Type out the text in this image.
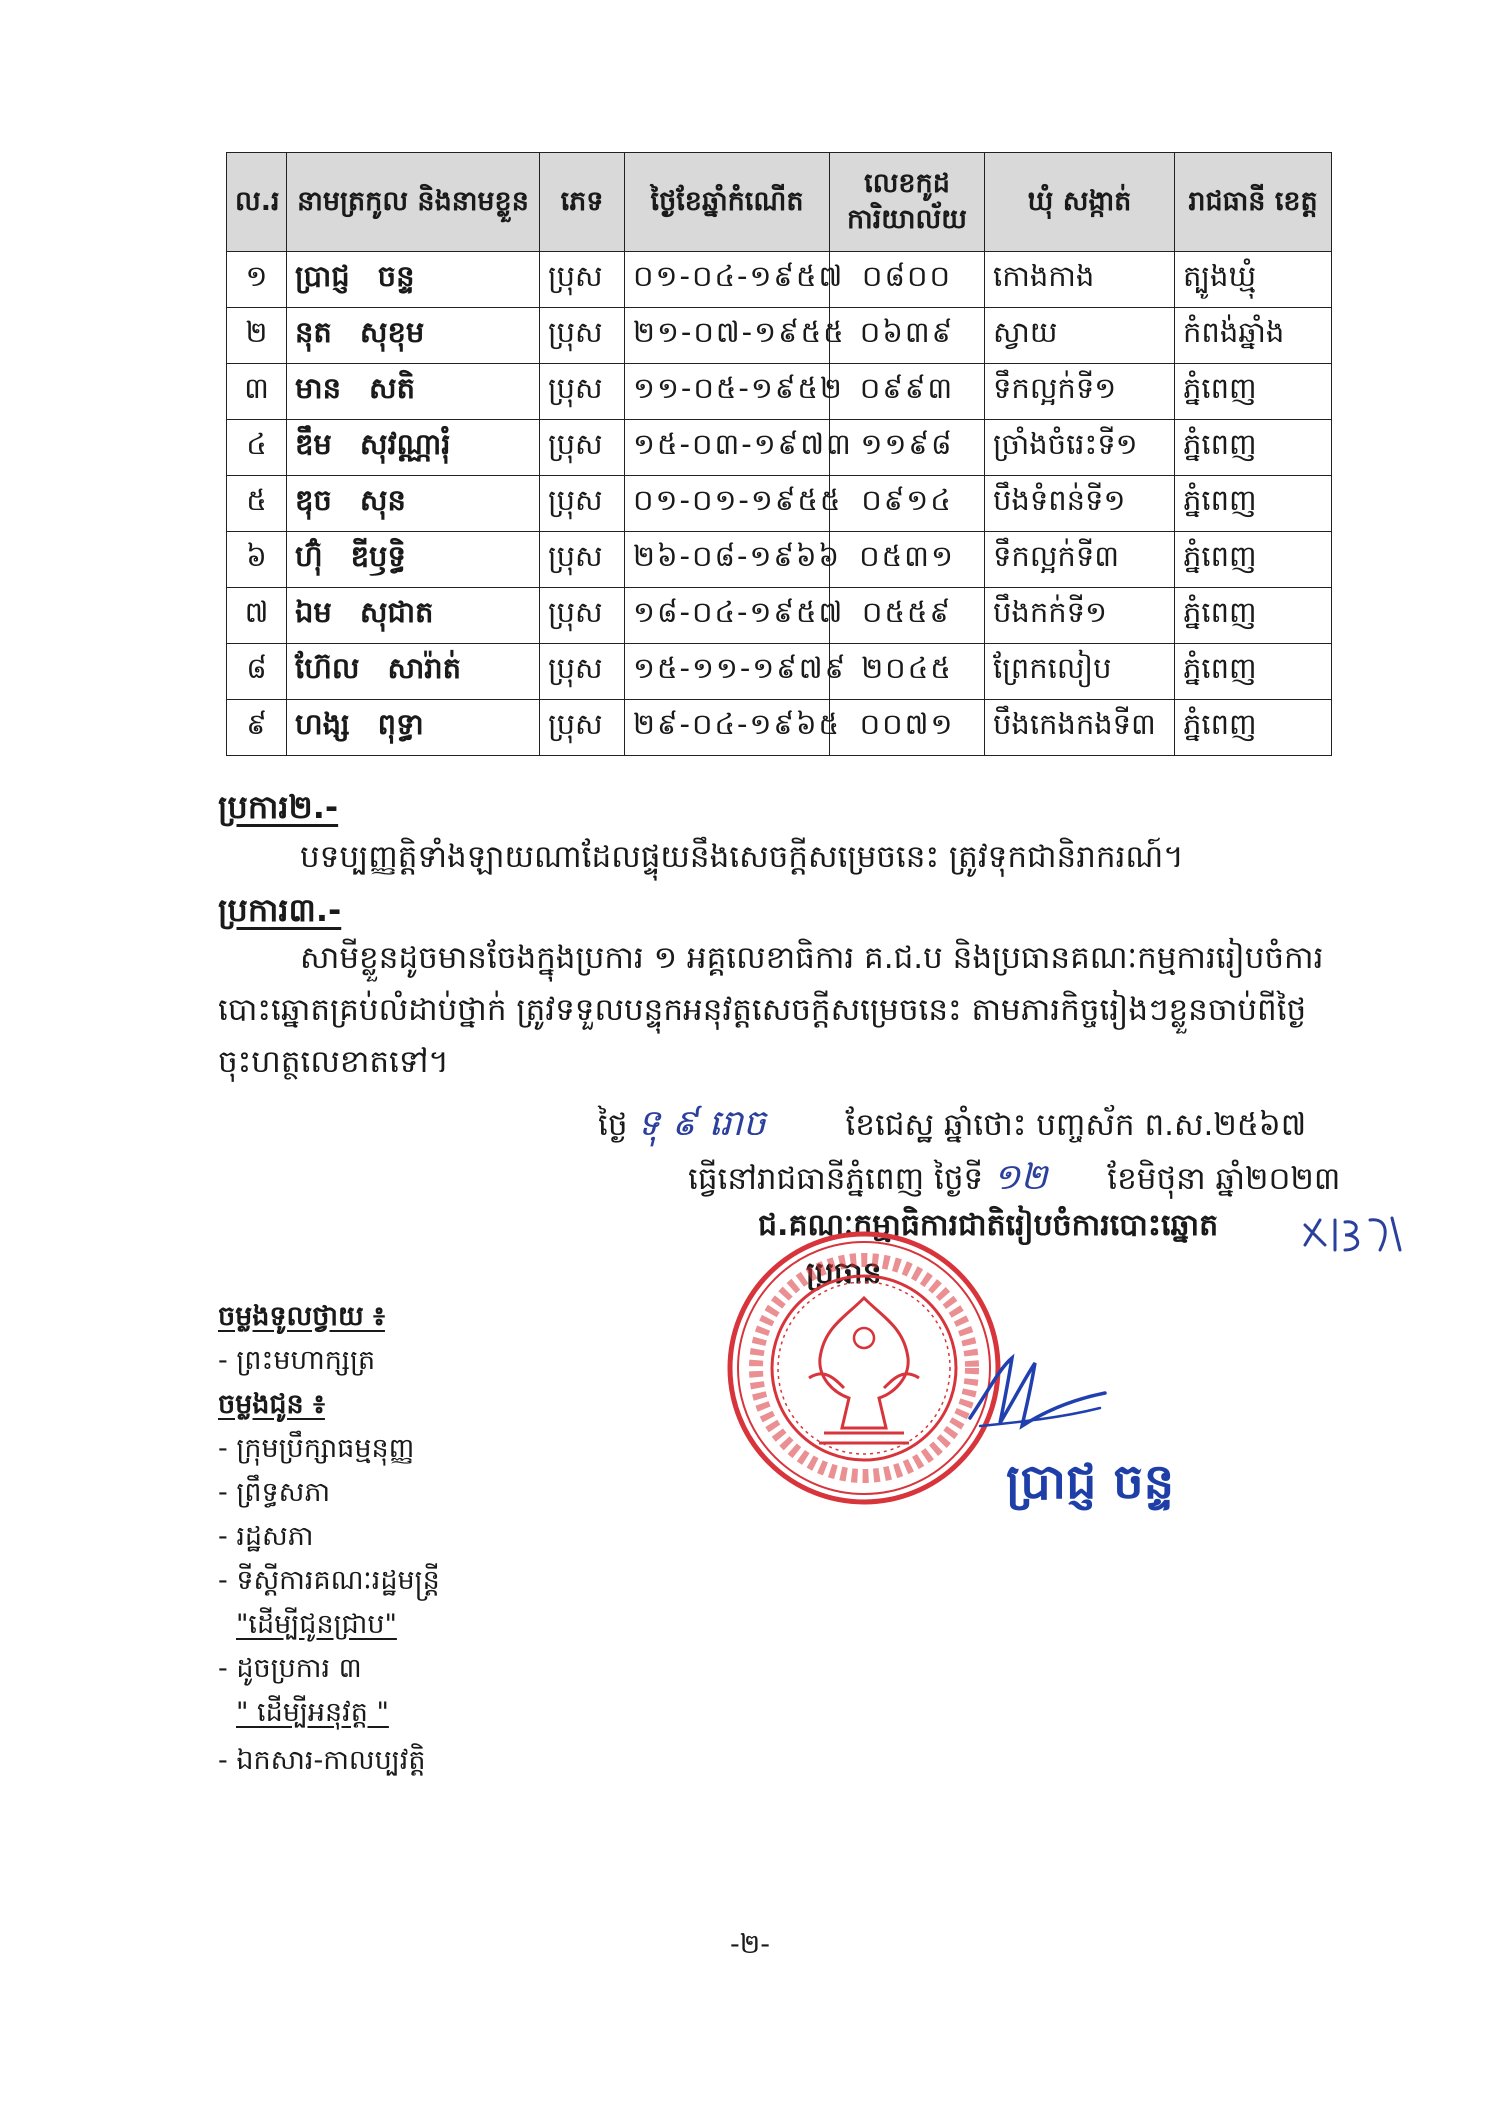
ល.រ	នាមត្រកូល និងនាមខ្លួន	ភេទ	ថ្ងៃខែឆ្នាំកំណើត	លេខកូដ ការិយាល័យ	ឃុំ សង្កាត់	រាជធានី ខេត្ត
១	ប្រាជ្ញ ចន្ទ	ប្រុស	០១-០៤-១៩៥៧	០៨០០	កោងកាង	ត្បូងឃ្មុំ
២	នុត សុខុម	ប្រុស	២១-០៧-១៩៥៥	០៦៣៩	ស្វាយ	កំពង់ឆ្នាំង
៣	មាន សតិ	ប្រុស	១១-០៥-១៩៥២	០៩៩៣	ទឹកល្អក់ទី១	ភ្នំពេញ
៤	ឌឹម សុវណ្ណារុំ	ប្រុស	១៥-០៣-១៩៧៣	១១៩៨	ច្រាំងចំរេះទី១	ភ្នំពេញ
៥	ឌុច សុន	ប្រុស	០១-០១-១៩៥៥	០៩១៤	បឹងទំពន់ទី១	ភ្នំពេញ
៦	ហ៊ុំ ឌីឫទ្ធិ	ប្រុស	២៦-០៨-១៩៦៦	០៥៣១	ទឹកល្អក់ទី៣	ភ្នំពេញ
៧	ឯម សុជាត	ប្រុស	១៨-០៤-១៩៥៧	០៥៥៩	បឹងកក់ទី១	ភ្នំពេញ
៨	ហ៊ែល សារ៉ាត់	ប្រុស	១៥-១១-១៩៧៩	២០៤៥	ព្រែកលៀប	ភ្នំពេញ
៩	ហង្ស ពុទ្ធា	ប្រុស	២៩-០៤-១៩៦៥	០០៧១	បឹងកេងកងទី៣	ភ្នំពេញ
ប្រការ២.-
បទប្បញ្ញត្តិទាំងឡាយណាដែលផ្ទុយនឹងសេចក្តីសម្រេចនេះ ត្រូវទុកជានិរាករណ៍។
ប្រការ៣.-
សាមីខ្លួនដូចមានចែងក្នុងប្រការ ១ អគ្គលេខាធិការ គ.ជ.ប និងប្រធានគណៈកម្មការរៀបចំការ
បោះឆ្នោតគ្រប់លំដាប់ថ្នាក់ ត្រូវទទួលបន្ទុកអនុវត្តសេចក្តីសម្រេចនេះ តាមភារកិច្ចរៀងៗខ្លួនចាប់ពីថ្ងៃ
ចុះហត្ថលេខាតទៅ។
ថ្ងៃ ទុ ៩ រោច	ខែជេស្ឋ ឆ្នាំថោះ បញ្ចស័ក ព.ស.២៥៦៧
ធ្វើនៅរាជធានីភ្នំពេញ ថ្ងៃទី ១២ ខែមិថុនា ឆ្នាំ២០២៣
ជ.គណៈកម្មាធិការជាតិរៀបចំការបោះឆ្នោត
ប្រធាន
ប្រាជ្ញ ចន្ទ
ចម្លងទូលថ្វាយ ៖
- ព្រះមហាក្សត្រ
ចម្លងជូន ៖
- ក្រុមប្រឹក្សាធម្មនុញ្ញ
- ព្រឹទ្ធសភា
- រដ្ឋសភា
- ទីស្តីការគណៈរដ្ឋមន្ត្រី
"ដើម្បីជូនជ្រាប"
- ដូចប្រការ ៣
" ដើម្បីអនុវត្ត "
- ឯកសារ-កាលប្បវត្តិ
-២-
